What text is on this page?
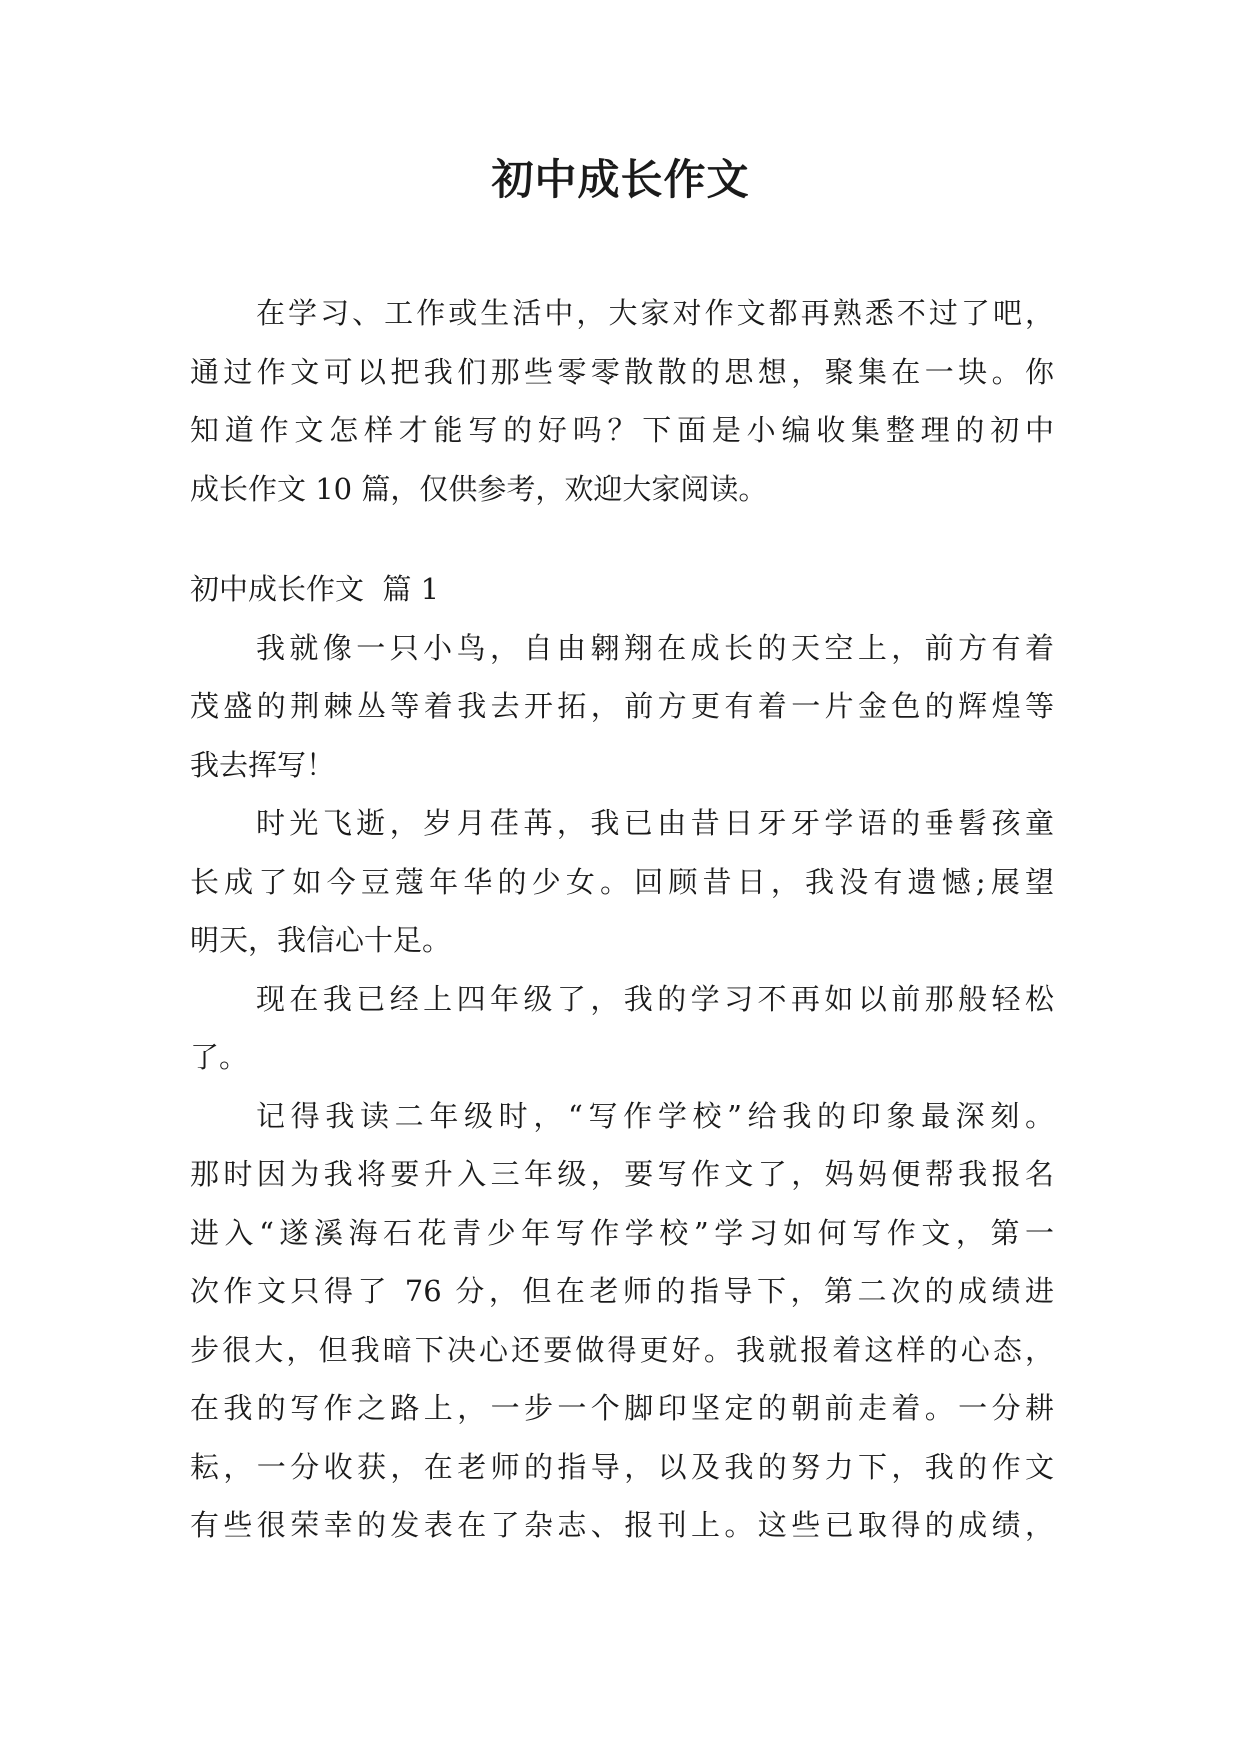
初中成长作文
在学习、工作或生活中，大家对作文都再熟悉不过了吧，
通过作文可以把我们那些零零散散的思想，聚集在一块。你
知道作文怎样才能写的好吗？下面是小编收集整理的初中
成长作文 10 篇，仅供参考，欢迎大家阅读。
初中成长作文  篇 1
我就像一只小鸟，自由翱翔在成长的天空上，前方有着
茂盛的荆棘丛等着我去开拓，前方更有着一片金色的辉煌等
我去挥写！
时光飞逝，岁月荏苒，我已由昔日牙牙学语的垂髫孩童
长成了如今豆蔻年华的少女。回顾昔日，我没有遗憾;展望
明天，我信心十足。
现在我已经上四年级了，我的学习不再如以前那般轻松
了。
记得我读二年级时，“写作学校”给我的印象最深刻。
那时因为我将要升入三年级，要写作文了，妈妈便帮我报名
进入“遂溪海石花青少年写作学校”学习如何写作文，第一
次作文只得了 76 分，但在老师的指导下，第二次的成绩进
步很大，但我暗下决心还要做得更好。我就报着这样的心态，
在我的写作之路上，一步一个脚印坚定的朝前走着。一分耕
耘，一分收获，在老师的指导，以及我的努力下，我的作文
有些很荣幸的发表在了杂志、报刊上。这些已取得的成绩，
